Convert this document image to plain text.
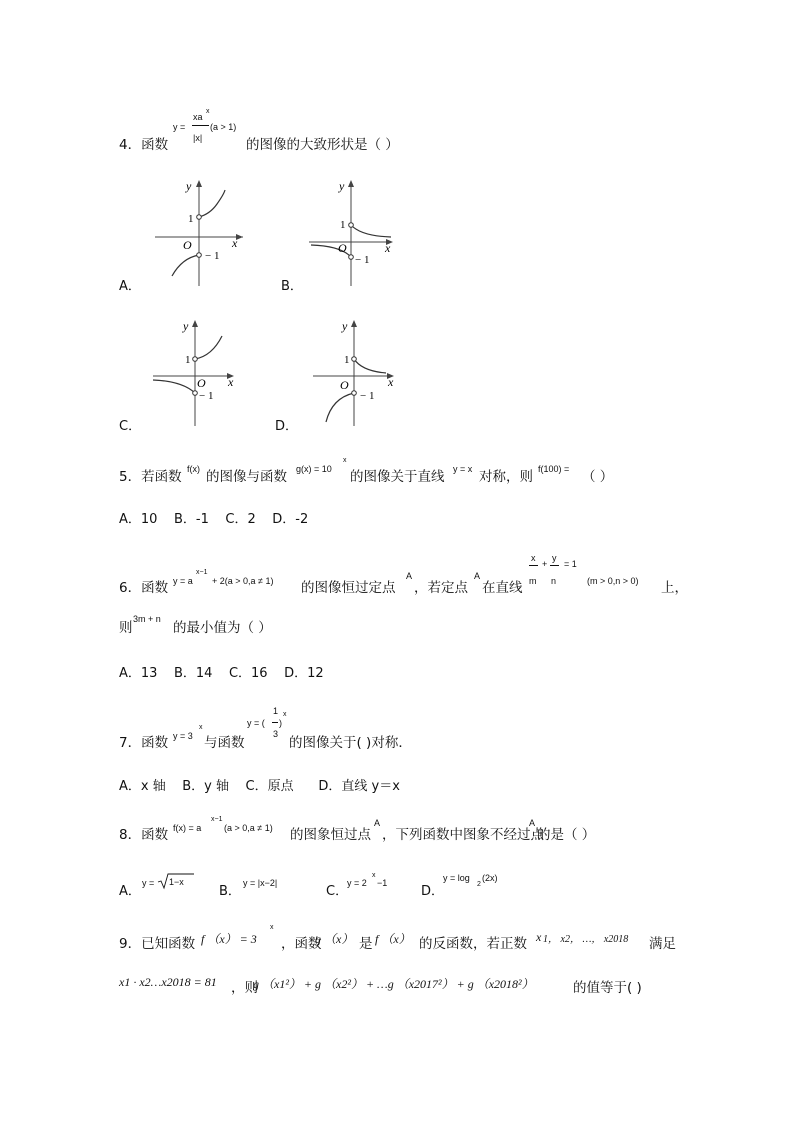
4．函数
y =
xa
x
|x|
(a > 1)
的图像的大致形状是（ ）
y
x
O
1
− 1
A．
y
x
O
1
− 1
B．
y
x
O
1
− 1
C．
y
x
O
1
− 1
D．
5．若函数 f(x) 的图像与函数 g(x) = 10
x
的图像关于直线 y = x 对称，则 f(100) = （ ）
A．10    B．-1    C．2    D．-2
6．函数 y = a
x−1
+ 2(a > 0,a ≠ 1) 的图像恒过定点
A
，若定点
A
在直线 m
x
+
y
n
= 1
(m > 0,n > 0) 上，
则
3m + n
的最小值为（ ）
A．13    B．14    C．16    D．12
7．函数 y = 3
x
与函数
y = (
1
3
)
x
的图像关于( )对称．
A．x 轴    B．y 轴    C．原点      D．直线 y＝x
8．函数 f(x) = a
x−1
(a > 0,a ≠ 1) 的图象恒过点
A
，下列函数中图象不经过点
A
的是（ ）
A．
y = 1−x
B．
y = |x−2|
C．
y = 2
x
−1
D．
y = log
2
(2x)
9．已知函数 f （x） = 3
x
，函数
g （x） 是 f （x） 的反函数，若正数 x 1， x2， …， x2018 满足
x1 · x2…x2018 = 81 ，则
g （x1²） + g （x2²） + …g （x2017²） + g （x2018²）	的值等于( )
